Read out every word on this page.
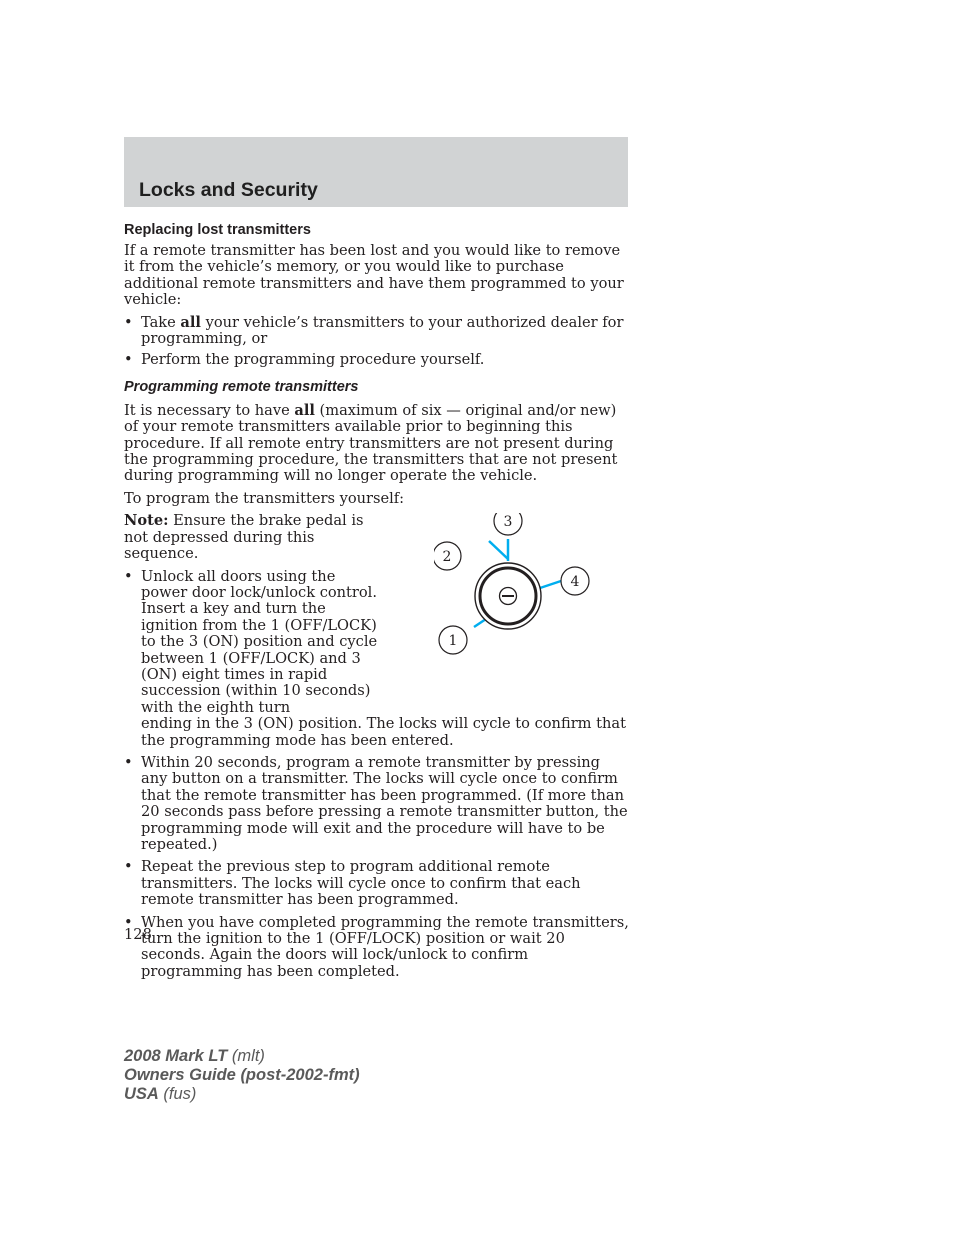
Locks and Security
Replacing lost transmitters

If a remote transmitter has been lost and you would like to remove it from the vehicle’s memory, or you would like to purchase additional remote transmitters and have them programmed to your vehicle:

• Take all your vehicle’s transmitters to your authorized dealer for programming, or
• Perform the programming procedure yourself.
Programming remote transmitters

It is necessary to have all (maximum of six — original and/or new) of your remote transmitters available prior to beginning this procedure. If all remote entry transmitters are not present during the programming procedure, the transmitters that are not present during programming will no longer operate the vehicle.

To program the transmitters yourself:

Note: Ensure the brake pedal is not depressed during this sequence.

• Unlock all doors using the power door lock/unlock control. Insert a key and turn the ignition from the 1 (OFF/LOCK) to the 3 (ON) position and cycle between 1 (OFF/LOCK) and 3 (ON) eight times in rapid succession (within 10 seconds) with the eighth turn
ending in the 3 (ON) position. The locks will cycle to confirm that the programming mode has been entered.
3
2
4
1
• Within 20 seconds, program a remote transmitter by pressing any button on a transmitter. The locks will cycle once to confirm that the remote transmitter has been programmed. (If more than 20 seconds pass before pressing a remote transmitter button, the programming mode will exit and the procedure will have to be repeated.)
• Repeat the previous step to program additional remote transmitters. The locks will cycle once to confirm that each remote transmitter has been programmed.
• When you have completed programming the remote transmitters, turn the ignition to the 1 (OFF/LOCK) position or wait 20 seconds. Again the doors will lock/unlock to confirm programming has been completed.
128
2008 Mark LT (mlt)
Owners Guide (post-2002-fmt)
USA (fus)
